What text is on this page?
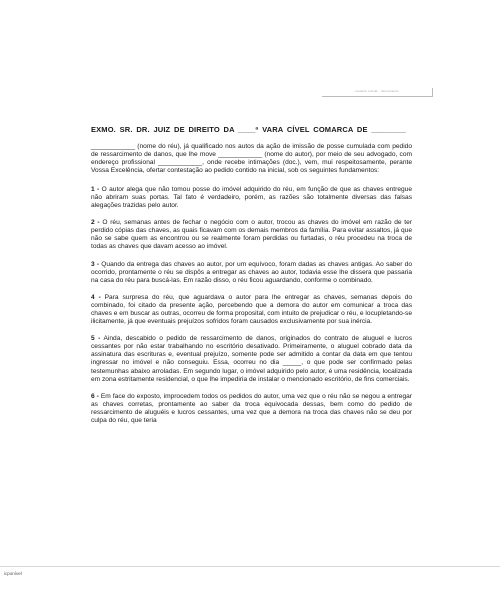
modelo inicial · documento
EXMO. SR. DR. JUIZ DE DIREITO DA ____ª VARA CÍVEL COMARCA DE ________

____________ (nome do réu), já qualificado nos autos da ação de imissão de posse cumulada com pedido de ressarcimento de danos, que lhe move ____________ (nome do autor), por meio de seu advogado, com endereço profissional ____________, onde recebe intimações (doc.), vem, mui respeitosamente, perante Vossa Excelência, ofertar contestação ao pedido contido na inicial, sob os seguintes fundamentos:

1 - O autor alega que não tomou posse do imóvel adquirido do réu, em função de que as chaves entregue não abriram suas portas. Tal fato é verdadeiro, porém, as razões são totalmente diversas das falsas alegações trazidas pelo autor.

2 - O réu, semanas antes de fechar o negócio com o autor, trocou as chaves do imóvel em razão de ter perdido cópias das chaves, as quais ficavam com os demais membros da família. Para evitar assaltos, já que não se sabe quem as encontrou ou se realmente foram perdidas ou furtadas, o réu procedeu na troca de todas as chaves que davam acesso ao imóvel.

3 - Quando da entrega das chaves ao autor, por um equívoco, foram dadas as chaves antigas. Ao saber do ocorrido, prontamente o réu se dispôs a entregar as chaves ao autor, todavia esse lhe dissera que passaria na casa do réu para buscá-las. Em razão disso, o réu ficou aguardando, conforme o combinado.

4 - Para surpresa do réu, que aguardava o autor para lhe entregar as chaves, semanas depois do combinado, foi citado da presente ação, percebendo que a demora do autor em comunicar a troca das chaves e em buscar as outras, ocorreu de forma proposital, com intuito de prejudicar o réu, e locupletando-se ilicitamente, já que eventuais prejuízos sofridos foram causados exclusivamente por sua inércia.

5 - Ainda, descabido o pedido de ressarcimento de danos, originados do contrato de aluguel e lucros cessantes por não estar trabalhando no escritório desativado. Primeiramente, o aluguel cobrado data da assinatura das escrituras e, eventual prejuízo, somente pode ser admitido a contar da data em que tentou ingressar no imóvel e não conseguiu. Essa, ocorreu no dia _____, o que pode ser confirmado pelas testemunhas abaixo arroladas. Em segundo lugar, o imóvel adquirido pelo autor, é uma residência, localizada em zona estritamente residencial, o que lhe impediria de instalar o mencionado escritório, de fins comerciais.

6 - Em face do exposto, improcedem todos os pedidos do autor, uma vez que o réu não se negou a entregar as chaves corretas, prontamente ao saber da troca equivocada dessas, bem como do pedido de ressarcimento de aluguéis e lucros cessantes, uma vez que a demora na troca das chaves não se deu por culpa do réu, que teria

icponível
